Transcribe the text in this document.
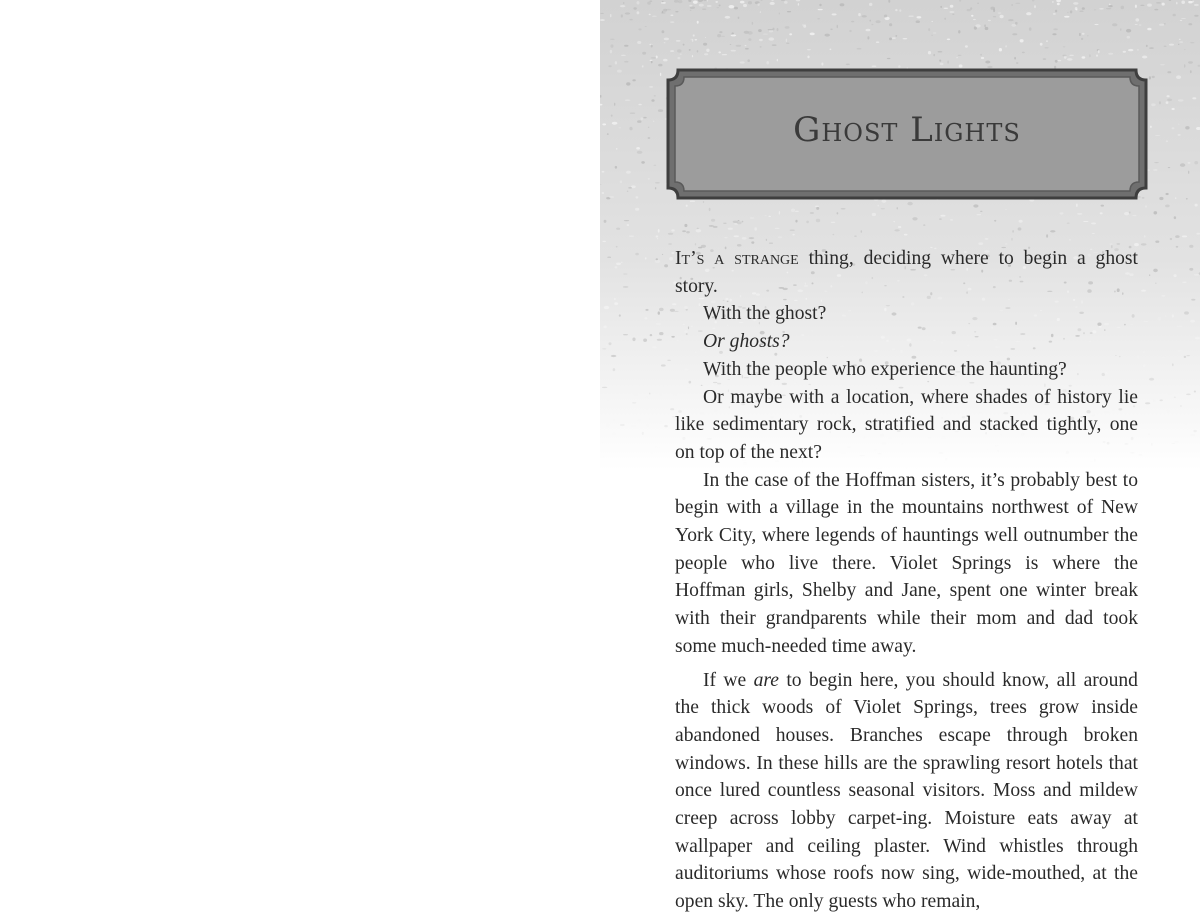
Ghost Lights

It’s a strange thing, deciding where to begin a ghost story.

With the ghost?

Or ghosts?

With the people who experience the haunting?

Or maybe with a location, where shades of history lie like sedimentary rock, stratified and stacked tightly, one on top of the next?

In the case of the Hoffman sisters, it’s probably best to begin with a village in the mountains northwest of New York City, where legends of hauntings well outnumber the people who live there. Violet Springs is where the Hoffman girls, Shelby and Jane, spent one winter break with their grandparents while their mom and dad took some much-needed time away.

If we are to begin here, you should know, all around the thick woods of Violet Springs, trees grow inside abandoned houses. Branches escape through broken windows. In these hills are the sprawling resort hotels that once lured countless seasonal visitors. Moss and mildew creep across lobby carpet-ing. Moisture eats away at wallpaper and ceiling plaster. Wind whistles through auditoriums whose roofs now sing, wide-mouthed, at the open sky. The only guests who remain,
